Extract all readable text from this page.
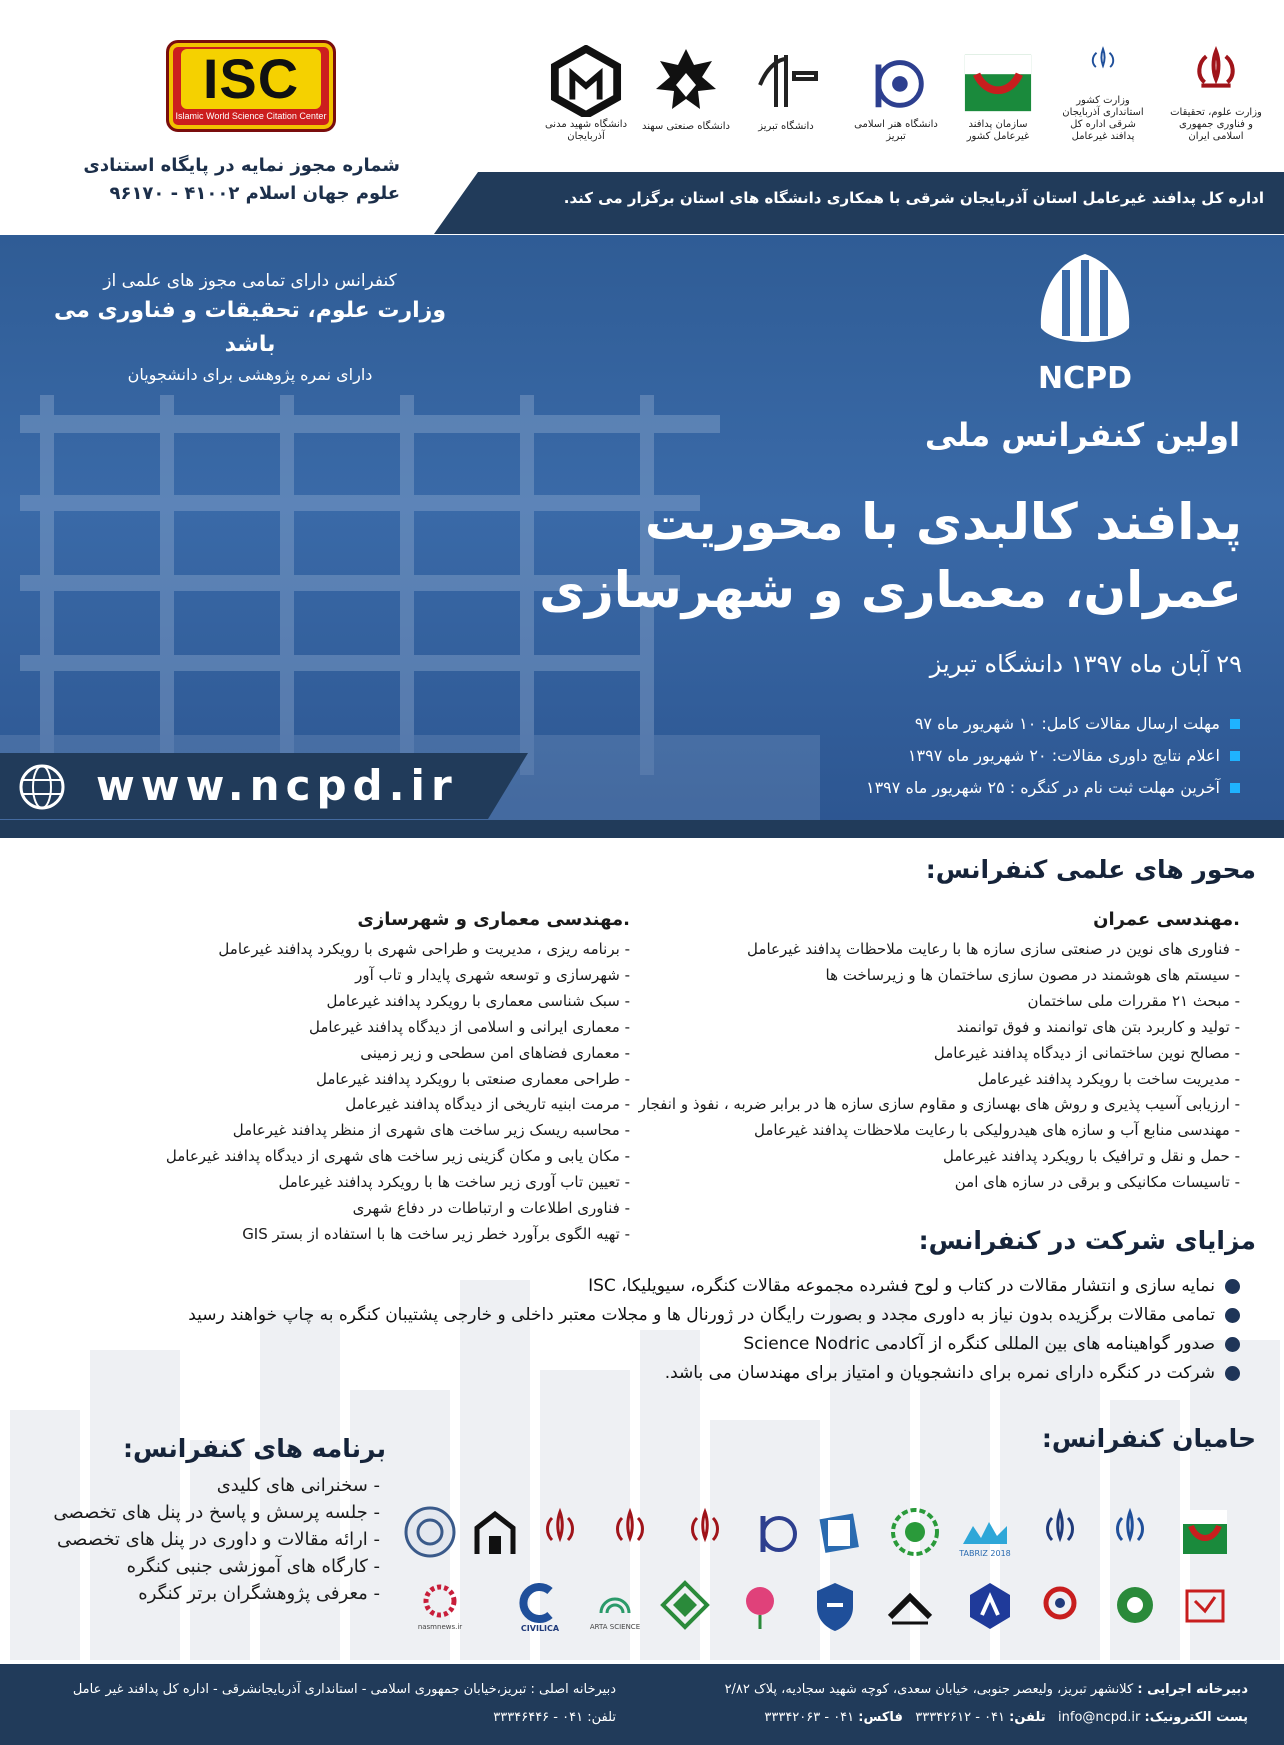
وزارت علوم، تحقیقات و فناوری جمهوری اسلامی ایران
وزارت کشور استانداری آذربایجان شرقی اداره کل پدافند غیرعامل
سازمان پدافند غیرعامل کشور
دانشگاه هنر اسلامی تبریز
دانشگاه تبریز
دانشگاه صنعتی سهند
دانشگاه شهید مدنی آذربایجان
ISC
Islamic World Science Citation Center
شماره مجوز نمایه در پایگاه استنادی
علوم جهان اسلام ۴۱۰۰۲ - ۹۶۱۷۰	اداره کل پدافند غیرعامل استان آذربایجان شرقی با همکاری دانشگاه های استان برگزار می کند.
کنفرانس دارای تمامی مجوز های علمی از
وزارت علوم، تحقیقات و فناوری می باشد
دارای نمره پژوهشی برای دانشجویان	NCPD
اولین کنفرانس ملی
پدافند کالبدی با محوریت
عمران، معماری و شهرسازی
۲۹ آبان ماه ۱۳۹۷ دانشگاه تبریز
مهلت ارسال مقالات کامل: ۱۰ شهریور ماه ۹۷
اعلام نتایج داوری مقالات: ۲۰ شهریور ماه ۱۳۹۷
آخرین مهلت ثبت نام در کنگره : ۲۵ شهریور ماه ۱۳۹۷
www.ncpd.ir
محور های علمی کنفرانس:
.مهندسی عمران
- فناوری های نوین در صنعتی سازی سازه ها با رعایت ملاحظات پدافند غیرعامل
- سیستم های هوشمند در مصون سازی ساختمان ها و زیرساخت ها
- مبحث ۲۱ مقررات ملی ساختمان
- تولید و کاربرد بتن های توانمند و فوق توانمند
- مصالح نوین ساختمانی از دیدگاه پدافند غیرعامل
- مدیریت ساخت با رویکرد پدافند غیرعامل
- ارزیابی آسیب پذیری و روش های بهسازی و مقاوم سازی سازه ها در برابر ضربه ، نفوذ و انفجار
- مهندسی منابع آب و سازه های هیدرولیکی با رعایت ملاحظات پدافند غیرعامل
- حمل و نقل و ترافیک با رویکرد پدافند غیرعامل
- تاسیسات مکانیکی و برقی در سازه های امن
.مهندسی معماری و شهرسازی
- برنامه ریزی ، مدیریت و طراحی شهری با رویکرد پدافند غیرعامل
- شهرسازی و توسعه شهری پایدار و تاب آور
- سبک شناسی معماری با رویکرد پدافند غیرعامل
- معماری ایرانی و اسلامی از دیدگاه پدافند غیرعامل
- معماری فضاهای امن سطحی و زیر زمینی
- طراحی معماری صنعتی با رویکرد پدافند غیرعامل
- مرمت ابنیه تاریخی از دیدگاه پدافند غیرعامل
- محاسبه ریسک زیر ساخت های شهری از منظر پدافند غیرعامل
- مکان یابی و مکان گزینی زیر ساخت های شهری از دیدگاه پدافند غیرعامل
- تعیین تاب آوری زیر ساخت ها با رویکرد پدافند غیرعامل
- فناوری اطلاعات و ارتباطات در دفاع شهری
- تهیه الگوی برآورد خطر زیر ساخت ها با استفاده از بستر GIS	مزایای شرکت در کنفرانس:
نمایه سازی و انتشار مقالات در کتاب و لوح فشرده مجموعه مقالات کنگره، سیویلیکا، ISC
تمامی مقالات برگزیده بدون نیاز به داوری مجدد و بصورت رایگان در ژورنال ها و مجلات معتبر داخلی و خارجی پشتیبان کنگره به چاپ خواهند رسید
صدور گواهینامه های بین المللی کنگره از آکادمی Science Nodric
شرکت در کنگره دارای نمره برای دانشجویان و امتیاز برای مهندسان می باشد.
برنامه های کنفرانس:
- سخنرانی های کلیدی
- جلسه پرسش و پاسخ در پنل های تخصصی
- ارائه مقالات و داوری در پنل های تخصصی
- کارگاه های آموزشی جنبی کنگره
- معرفی پژوهشگران برتر کنگره
حامیان کنفرانس:
TABRIZ 2018
ARTA SCIENCE
CIVILICA
nasmnews.ir
دبیرخانه اجرایی : کلانشهر تبریز، ولیعصر جنوبی، خیابان سعدی، کوچه شهید سجادیه، پلاک ۲/۸۲
پست الکترونیک: info@ncpd.ir   تلفن: ۰۴۱ - ۳۳۳۴۲۶۱۲   فاکس: ۰۴۱ - ۳۳۳۴۲۰۶۳
دبیرخانه اصلی : تبریز،خیابان جمهوری اسلامی - استانداری آذربایجانشرقی - اداره کل پدافند غیر عامل
تلفن: ۰۴۱ - ۳۳۳۴۶۴۴۶
